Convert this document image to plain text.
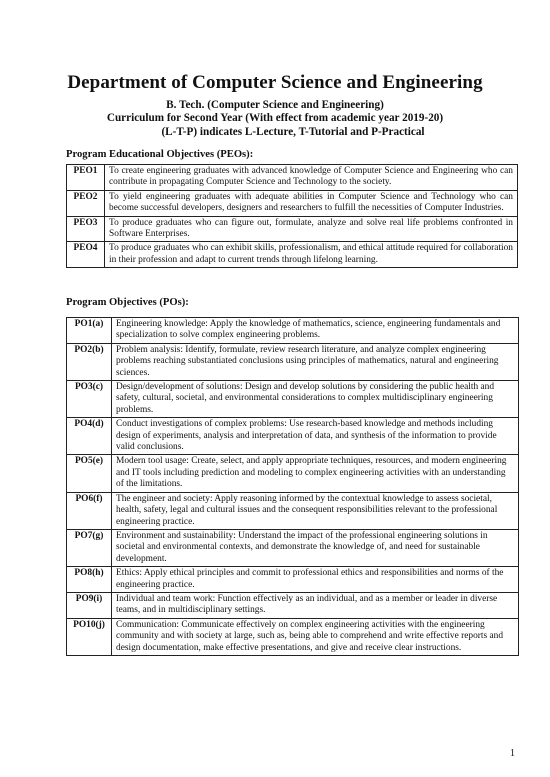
Department of Computer Science and Engineering
B. Tech. (Computer Science and Engineering)
Curriculum for Second Year (With effect from academic year 2019-20)
(L-T-P) indicates L-Lecture, T-Tutorial and P-Practical
Program Educational Objectives (PEOs):
PEO1	To create engineering graduates with advanced knowledge of Computer Science and Engineering who can contribute in propagating Computer Science and Technology to the society.
PEO2	To yield engineering graduates with adequate abilities in Computer Science and Technology who can become successful developers, designers and researchers to fulfill the necessities of Computer Industries.
PEO3	To produce graduates who can figure out, formulate, analyze and solve real life problems confronted in Software Enterprises.
PEO4	To produce graduates who can exhibit skills, professionalism, and ethical attitude required for collaboration in their profession and adapt to current trends through lifelong learning.
Program Objectives (POs):
PO1(a)	Engineering knowledge: Apply the knowledge of mathematics, science, engineering fundamentals and specialization to solve complex engineering problems.
PO2(b)	Problem analysis: Identify, formulate, review research literature, and analyze complex engineering problems reaching substantiated conclusions using principles of mathematics, natural and engineering sciences.
PO3(c)	Design/development of solutions: Design and develop solutions by considering the public health and safety, cultural, societal, and environmental considerations to complex multidisciplinary engineering problems.
PO4(d)	Conduct investigations of complex problems: Use research-based knowledge and methods including design of experiments, analysis and interpretation of data, and synthesis of the information to provide valid conclusions.
PO5(e)	Modern tool usage: Create, select, and apply appropriate techniques, resources, and modern engineering and IT tools including prediction and modeling to complex engineering activities with an understanding of the limitations.
PO6(f)	The engineer and society: Apply reasoning informed by the contextual knowledge to assess societal, health, safety, legal and cultural issues and the consequent responsibilities relevant to the professional engineering practice.
PO7(g)	Environment and sustainability: Understand the impact of the professional engineering solutions in societal and environmental contexts, and demonstrate the knowledge of, and need for sustainable development.
PO8(h)	Ethics: Apply ethical principles and commit to professional ethics and responsibilities and norms of the engineering practice.
PO9(i)	Individual and team work: Function effectively as an individual, and as a member or leader in diverse teams, and in multidisciplinary settings.
PO10(j)	Communication: Communicate effectively on complex engineering activities with the engineering community and with society at large, such as, being able to comprehend and write effective reports and design documentation, make effective presentations, and give and receive clear instructions.
1
